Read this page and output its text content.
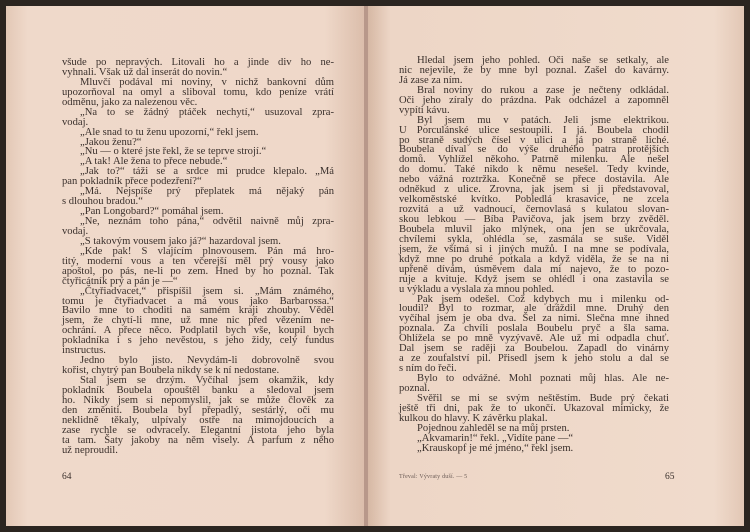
všude po nepravých. Litovali ho a jinde div ho ne-
vyhnali. Však už dal inserát do novin.“
Mluvčí podával mi noviny, v nichž bankovní dům
upozorňoval na omyl a sliboval tomu, kdo peníze vrátí
odměnu, jako za nalezenou věc.
„Na to se žádný ptáček nechytí,“ usuzoval zpra-
vodaj.
„Ale snad to tu ženu upozorní,“ řekl jsem.
„Jakou ženu?“
„Nu — o které jste řekl, že se teprve strojí.“
„A tak! Ale žena to přece nebude.“
„Jak to?“ táži se a srdce mi prudce klepalo. „Má
pan pokladník přece podezření?“
„Má. Nejspíše prý přeplatek má nějaký pán
s dlouhou bradou.“
„Pan Longobard?“ pomáhal jsem.
„Ne, neznám toho pána,“ odvětil naivně můj zpra-
vodaj.
„S takovým vousem jako já?“ hazardoval jsem.
„Kde pak! S vlajícím plnovousem. Pán má hro-
titý, moderní vous a ten včerejší měl prý vousy jako
apoštol, po pás, ne-li po zem. Hned by ho poznal. Tak
čtyřicátník prý a pán je —“
„Čtyřiadvacet,“ přispíšil jsem si. „Mám známého,
tomu je čtyřiadvacet a má vous jako Barbarossa.“
Bavilo mne to choditi na samém kraji zhouby. Věděl
jsem, že chytí-li mne, už mne nic před vězením ne-
ochrání. A přece něco. Podplatil bych vše, koupil bych
pokladníka i s jeho nevěstou, s jeho židy, celý fundus
instructus.
Jedno bylo jisto. Nevydám-li dobrovolně svou
kořist, chytrý pan Boubela nikdy se k ní nedostane.
Stal jsem se drzým. Vyčíhal jsem okamžik, kdy
pokladník Boubela opouštěl banku a sledoval jsem
ho. Nikdy jsem si nepomyslil, jak se může člověk za
den změniti. Boubela byl přepadlý, sestárlý, oči mu
neklidně těkaly, ulpívaly ostře na mimojdoucích a
zase rychle se odvracely. Elegantní jistota jeho byla
ta tam. Šaty jakoby na něm visely. A parfum z něho
už neproudil.
64
Hledal jsem jeho pohled. Oči naše se setkaly, ale
nic nejevile, že by mne byl poznal. Zašel do kavárny.
Já zase za ním.
Bral noviny do rukou a zase je nečteny odkládal.
Oči jeho zíraly do prázdna. Pak odcházel a zapomněl
vypíti kávu.
Byl jsem mu v patách. Jeli jsme elektrikou.
U Porculánské ulice sestoupili. I já. Boubela chodil
po straně sudých čísel v ulici a já po straně liché.
Boubela díval se do výše druhého patra protějších
domů. Vyhlížel někoho. Patrně milenku. Ale nešel
do domu. Také nikdo k němu nesešel. Tedy kvinde,
nebo vážná roztržka. Konečně se přece dostavila. Ale
odněkud z ulice. Zrovna, jak jsem si ji představoval,
velkoměstské kvítko. Pobledlá krasavice, ne zcela
rozvitá a už vadnoucí, černovlasá s kulatou slovan-
skou lebkou — Bíba Pavičova, jak jsem brzy zvěděl.
Boubela mluvil jako mlýnek, ona jen se ukrčovala,
chvílemi sykla, ohlédla se, zasmála se suše. Viděl
jsem, že všímá si i jiných mužů. I na mne se podívala,
když mne po druhé potkala a když viděla, že se na ni
upřeně dívám, úsměvem dala mi najevo, že to pozo-
ruje a kvituje. Když jsem se ohlédl i ona zastavila se
u výkladu a vyslala za mnou pohled.
Pak jsem odešel. Což kdybych mu i milenku od-
loudil? Byl to rozmar, ale dráždil mne. Druhý den
vyčíhal jsem je oba dva. Šel za nimi. Slečna mne ihned
poznala. Za chvíli poslala Boubelu pryč a šla sama.
Ohlížela se po mně vyzývavě. Ale už mi odpadla chuť.
Dal jsem se raději za Boubelou. Zapadl do vinárny
a ze zoufalství pil. Přisedl jsem k jeho stolu a dal se
s ním do řeči.
Bylo to odvážné. Mohl poznati můj hlas. Ale ne-
poznal.
Svěřil se mi se svým neštěstím. Bude prý čekati
ještě tři dni, pak že to ukončí. Ukazoval mimicky, že
kulkou do hlavy. K závěrku plakal.
Pojednou zahleděl se na můj prsten.
„Akvamarin!“ řekl. „Vidíte pane —“
„Krauskopf je mé jméno,“ řekl jsem.
Třeval: Vývraty duší. — 5	65
